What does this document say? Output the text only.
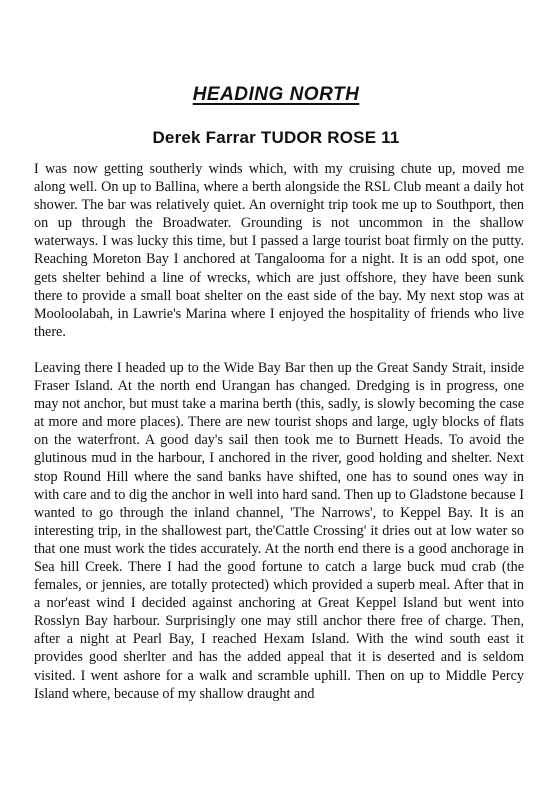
HEADING NORTH
Derek Farrar TUDOR ROSE 11

I was now getting southerly winds which, with my cruising chute up, moved me along well. On up to Ballina, where a berth alongside the RSL Club meant a daily hot shower. The bar was relatively quiet. An overnight trip took me up to Southport, then on up through the Broadwater. Grounding is not uncommon in the shallow waterways. I was lucky this time, but I passed a large tourist boat firmly on the putty. Reaching Moreton Bay I anchored at Tangalooma for a night. It is an odd spot, one gets shelter behind a line of wrecks, which are just offshore, they have been sunk there to provide a small boat shelter on the east side of the bay. My next stop was at Mooloolabah, in Lawrie's Marina where I enjoyed the hospitality of friends who live there.

Leaving there I headed up to the Wide Bay Bar then up the Great Sandy Strait, inside Fraser Island. At the north end Urangan has changed. Dredging is in progress, one may not anchor, but must take a marina berth (this, sadly, is slowly becoming the case at more and more places). There are new tourist shops and large, ugly blocks of flats on the waterfront. A good day's sail then took me to Burnett Heads. To avoid the glutinous mud in the harbour, I anchored in the river, good holding and shelter. Next stop Round Hill where the sand banks have shifted, one has to sound ones way in with care and to dig the anchor in well into hard sand. Then up to Gladstone because I wanted to go through the inland channel, 'The Narrows', to Keppel Bay. It is an interesting trip, in the shallowest part, the'Cattle Crossing' it dries out at low water so that one must work the tides accurately. At the north end there is a good anchorage in Sea hill Creek. There I had the good fortune to catch a large buck mud crab (the females, or jennies, are totally protected) which provided a superb meal. After that in a nor'east wind I decided against anchoring at Great Keppel Island but went into Rosslyn Bay harbour. Surprisingly one may still anchor there free of charge. Then, after a night at Pearl Bay, I reached Hexam Island. With the wind south east it provides good sherlter and has the added appeal that it is deserted and is seldom visited. I went ashore for a walk and scramble uphill. Then on up to Middle Percy Island where, because of my shallow draught and
